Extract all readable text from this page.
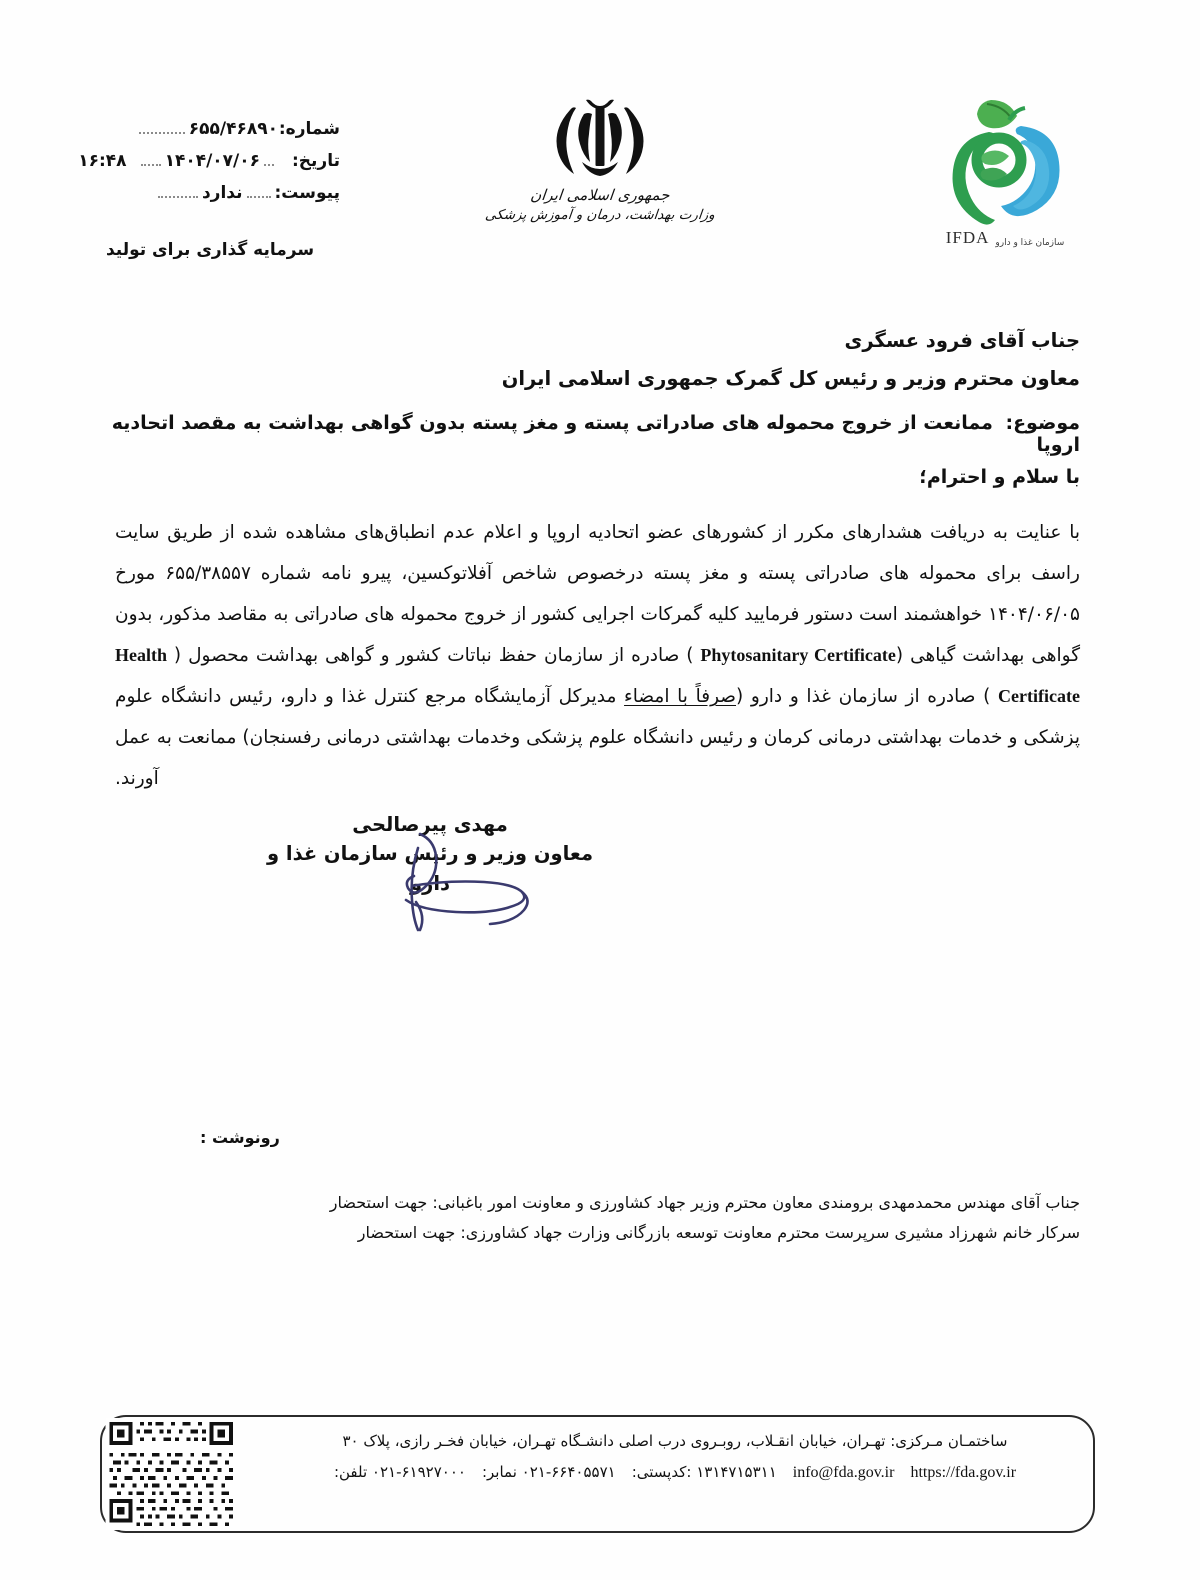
شماره:
۶۵۵/۴۶۸۹۰
تاریخ:
۱۴۰۴/۰۷/۰۶
۱۶:۴۸
پیوست:
ندارد
سرمایه گذاری برای تولید
جمهوری اسلامی ایران
وزارت بهداشت، درمان و آموزش پزشکی
سازمان غذا و دارو
IFDA
جناب آقای فرود عسگری
معاون محترم وزیر و رئیس کل گمرک جمهوری اسلامی ایران
موضوع: ممانعت از خروج محموله های صادراتی پسته و مغز پسته بدون گواهی بهداشت به مقصد اتحادیه اروپا
با سلام و احترام؛

با عنایت به دریافت هشدارهای مکرر از کشورهای عضو اتحادیه اروپا و اعلام عدم انطباق‌های مشاهده شده از طریق سایت راسف برای محموله های صادراتی پسته و مغز پسته درخصوص شاخص آفلاتوکسین، پیرو نامه شماره ۶۵۵/۳۸۵۵۷ مورخ ۱۴۰۴/۰۶/۰۵ خواهشمند است دستور فرمایید کلیه گمرکات اجرایی کشور از خروج محموله های صادراتی به مقاصد مذکور، بدون گواهی بهداشت گیاهی (Phytosanitary Certificate ) صادره از سازمان حفظ نباتات کشور و گواهی بهداشت محصول ( Health Certificate ) صادره از سازمان غذا و دارو (صرفاً با امضاء مدیرکل آزمایشگاه مرجع کنترل غذا و دارو، رئیس دانشگاه علوم پزشکی و خدمات بهداشتی درمانی کرمان و رئیس دانشگاه علوم پزشکی وخدمات بهداشتی درمانی رفسنجان) ممانعت به عمل آورند.

مهدی پیرصالحی
معاون وزیر و رئیس سازمان غذا و دارو
رونوشت :
جناب آقای مهندس محمدمهدی برومندی معاون محترم وزیر جهاد کشاورزی و معاونت امور باغبانی: جهت استحضار
سرکار خانم شهرزاد مشیری سرپرست محترم معاونت توسعه بازرگانی وزارت جهاد کشاورزی: جهت استحضار
ساختمـان مـرکزی: تهـران، خیابان انقـلاب، روبـروی درب اصلی دانشـگاه تهـران، خیابان فخـر رازی، پلاک ۳۰
https://fda.gov.ir
info@fda.gov.ir
۱۳۱۴۷۱۵۳۱۱ :کدپستی:
۰۲۱-۶۶۴۰۵۵۷۱ نمابر:
۰۲۱-۶۱۹۲۷۰۰۰ تلفن:
